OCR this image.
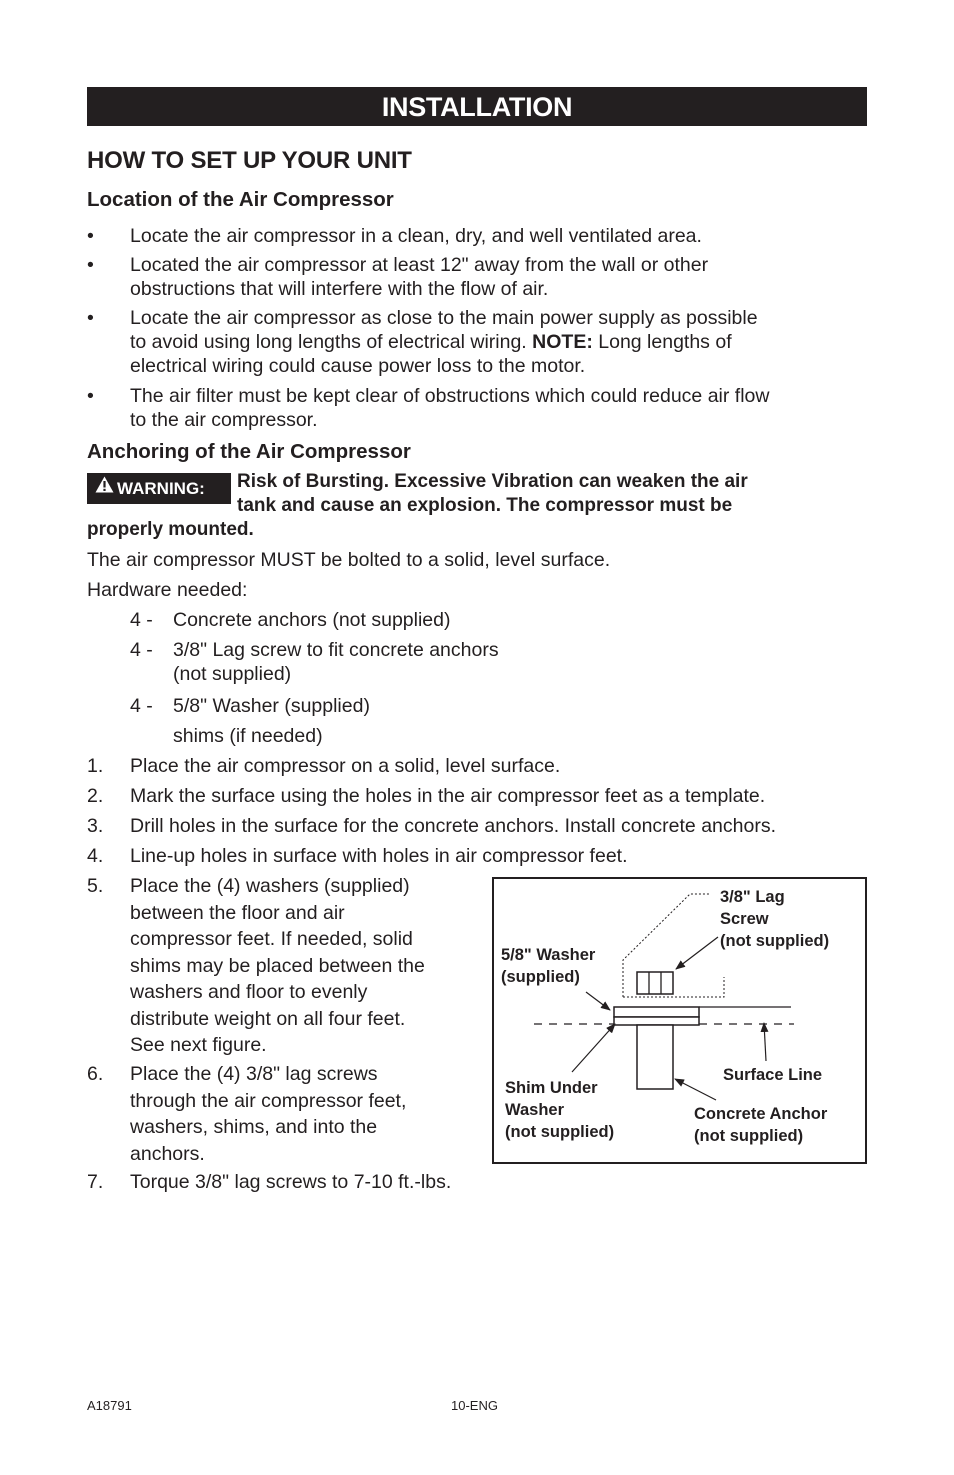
INSTALLATION
HOW TO SET UP YOUR UNIT
Location of the Air Compressor
• Locate the air compressor in a clean, dry, and well ventilated area.
• Located the air compressor at least 12" away from the wall or other
obstructions that will interfere with the flow of air.
• Locate the air compressor as close to the main power supply as possible
to avoid using long lengths of electrical wiring. NOTE: Long lengths of
electrical wiring could cause power loss to the motor.
• The air filter must be kept clear of obstructions which could reduce air flow
to the air compressor.
Anchoring of the Air Compressor
WARNING:	Risk of Bursting. Excessive Vibration can weaken the air
tank and cause an explosion. The compressor must be
properly mounted.
The air compressor MUST be bolted to a solid, level surface.
Hardware needed:
4 - Concrete anchors (not supplied)
4 - 3/8" Lag screw to fit concrete anchors
(not supplied)
4 - 5/8" Washer (supplied)
shims (if needed)
1. Place the air compressor on a solid, level surface.
2. Mark the surface using the holes in the air compressor feet as a template.
3. Drill holes in the surface for the concrete anchors. Install concrete anchors.
4. Line-up holes in surface with holes in air compressor feet.
5. Place the (4) washers (supplied)
between the floor and air
compressor feet. If needed, solid
shims may be placed between the
washers and floor to evenly
distribute weight on all four feet.
See next figure.
6. Place the (4) 3/8" lag screws
through the air compressor feet,
washers, shims, and into the
anchors.
7. Torque 3/8" lag screws to 7-10 ft.-lbs.
3/8" Lag
Screw
(not supplied)
5/8" Washer
(supplied)
Surface Line
Shim Under
Washer
(not supplied)
Concrete Anchor
(not supplied)
A18791	10-ENG
